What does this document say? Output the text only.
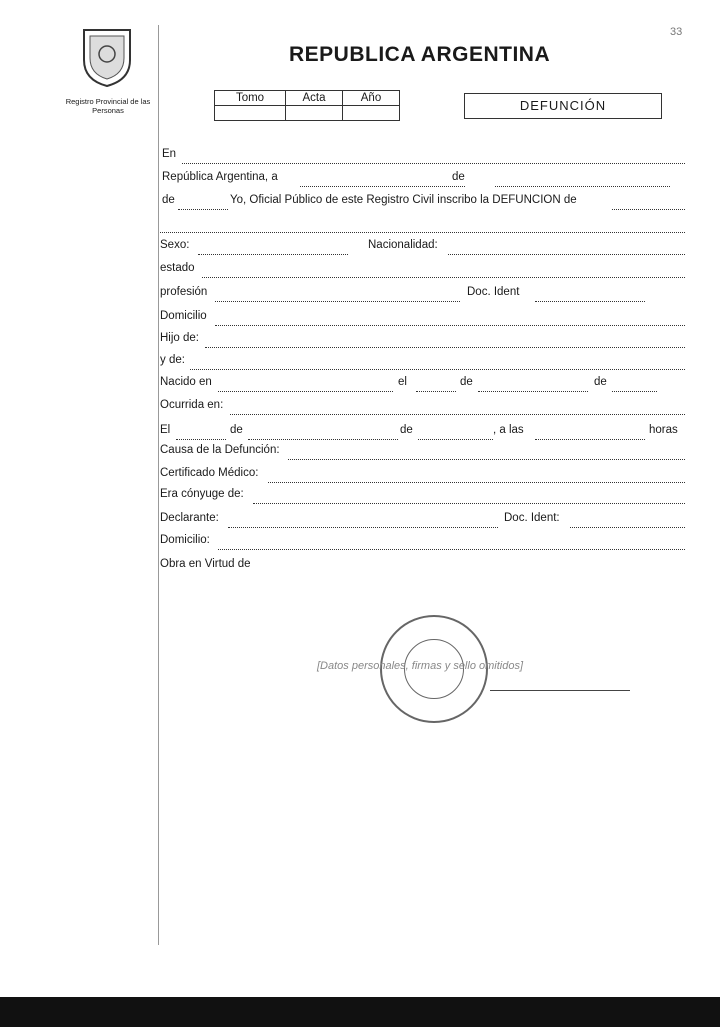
33
Registro Provincial de las Personas
REPUBLICA ARGENTINA
Tomo	Acta	Año
			DEFUNCIÓN
En
República Argentina, a	de
de	Yo, Oficial Público de este Registro Civil inscribo la DEFUNCION de
Sexo:	Nacionalidad:
estado
profesión	Doc. Ident
Domicilio
Hijo de:
y de:
Nacido en	el	de	de
Ocurrida en:
El	de	de	, a las	horas
Causa de la Defunción:
Certificado Médico:
Era cónyuge de:
Declarante:	Doc. Ident:
Domicilio:
Obra en Virtud de
[Datos personales, firmas y sello omitidos]
